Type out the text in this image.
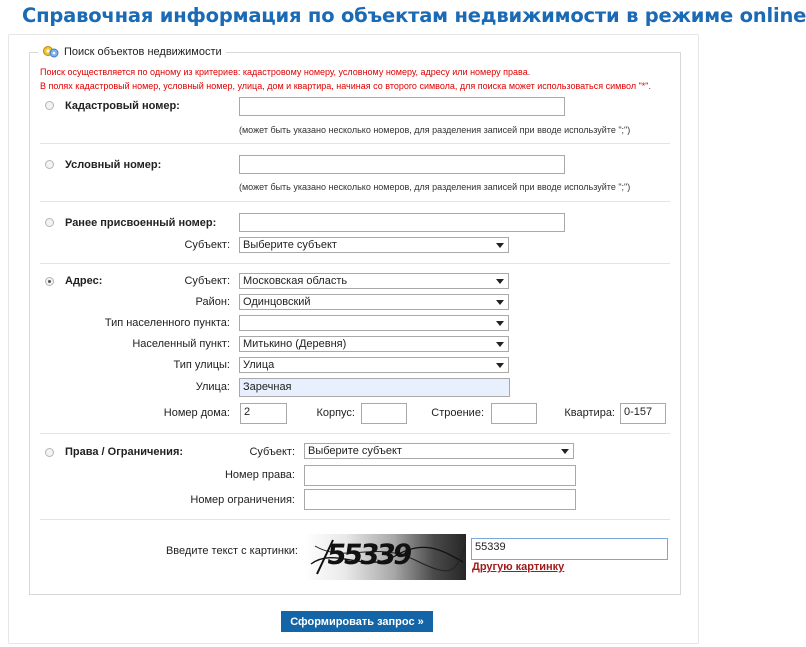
Справочная информация по объектам недвижимости в режиме online
Поиск объектов недвижимости
Поиск осуществляется по одному из критериев: кадастровому номеру, условному номеру, адресу или номеру права.
В полях кадастровый номер, условный номер, улица, дом и квартира, начиная со второго символа, для поиска может использоваться символ "*".
Кадастровый номер:
(может быть указано несколько номеров, для разделения записей при вводе используйте ";")
Условный номер:
(может быть указано несколько номеров, для разделения записей при вводе используйте ";")
Ранее присвоенный номер:
Субъект:	Выберите субъект
Адрес:	Субъект:	Московская область
Район:	Одинцовский
Тип населенного пункта:
Населенный пункт:	Митькино (Деревня)
Тип улицы:	Улица
Улица:	Заречная
Номер дома:	2	Корпус:	Строение:	Квартира: 0-157
Права / Ограничения:	Субъект:	Выберите субъект
Номер права:
Номер ограничения:
Введите текст с картинки: 55339	55339
Другую картинку
Сформировать запрос »
